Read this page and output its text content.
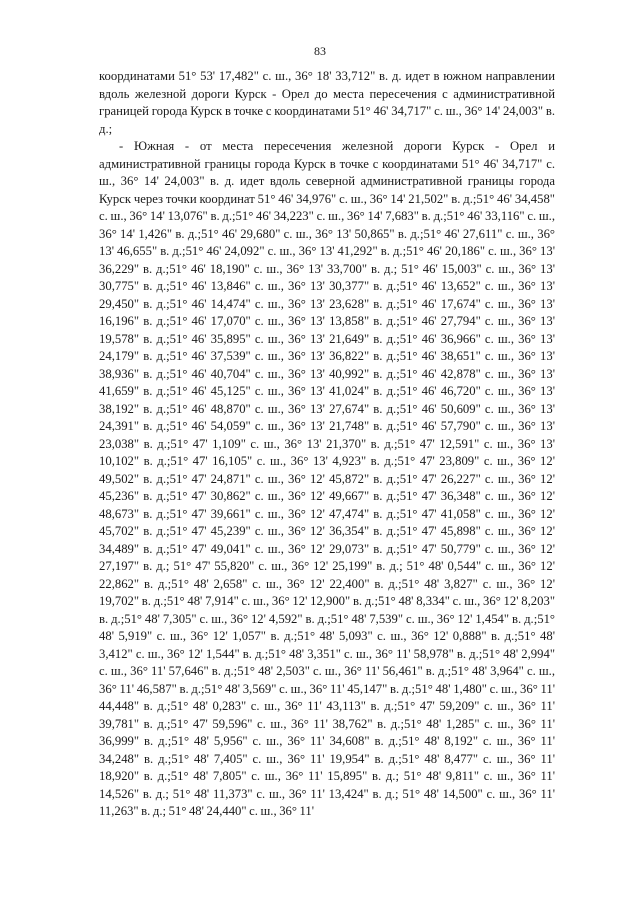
83

координатами 51° 53' 17,482" с. ш., 36° 18' 33,712" в. д. идет в южном направлении вдоль железной дороги Курск - Орел до места пересечения с административной границей города Курск в точке с координатами 51° 46' 34,717" с. ш., 36° 14' 24,003" в. д.;

- Южная - от места пересечения железной дороги Курск - Орел и административной границы города Курск в точке с координатами 51° 46' 34,717" с. ш., 36° 14' 24,003" в. д. идет вдоль северной административной границы города Курск через точки координат 51° 46' 34,976" с. ш., 36° 14' 21,502" в. д.;51° 46' 34,458" с. ш., 36° 14' 13,076" в. д.;51° 46' 34,223" с. ш., 36° 14' 7,683" в. д.;51° 46' 33,116" с. ш., 36° 14' 1,426" в. д.;51° 46' 29,680" с. ш., 36° 13' 50,865" в. д.;51° 46' 27,611" с. ш., 36° 13' 46,655" в. д.;51° 46' 24,092" с. ш., 36° 13' 41,292" в. д.;51° 46' 20,186" с. ш., 36° 13' 36,229" в. д.;51° 46' 18,190" с. ш., 36° 13' 33,700" в. д.; 51° 46' 15,003" с. ш., 36° 13' 30,775" в. д.;51° 46' 13,846" с. ш., 36° 13' 30,377" в. д.;51° 46' 13,652" с. ш., 36° 13' 29,450" в. д.;51° 46' 14,474" с. ш., 36° 13' 23,628" в. д.;51° 46' 17,674" с. ш., 36° 13' 16,196" в. д.;51° 46' 17,070" с. ш., 36° 13' 13,858" в. д.;51° 46' 27,794" с. ш., 36° 13' 19,578" в. д.;51° 46' 35,895" с. ш., 36° 13' 21,649" в. д.;51° 46' 36,966" с. ш., 36° 13' 24,179" в. д.;51° 46' 37,539" с. ш., 36° 13' 36,822" в. д.;51° 46' 38,651" с. ш., 36° 13' 38,936" в. д.;51° 46' 40,704" с. ш., 36° 13' 40,992" в. д.;51° 46' 42,878" с. ш., 36° 13' 41,659" в. д.;51° 46' 45,125" с. ш., 36° 13' 41,024" в. д.;51° 46' 46,720" с. ш., 36° 13' 38,192" в. д.;51° 46' 48,870" с. ш., 36° 13' 27,674" в. д.;51° 46' 50,609" с. ш., 36° 13' 24,391" в. д.;51° 46' 54,059" с. ш., 36° 13' 21,748" в. д.;51° 46' 57,790" с. ш., 36° 13' 23,038" в. д.;51° 47' 1,109" с. ш., 36° 13' 21,370" в. д.;51° 47' 12,591" с. ш., 36° 13' 10,102" в. д.;51° 47' 16,105" с. ш., 36° 13' 4,923" в. д.;51° 47' 23,809" с. ш., 36° 12' 49,502" в. д.;51° 47' 24,871" с. ш., 36° 12' 45,872" в. д.;51° 47' 26,227" с. ш., 36° 12' 45,236" в. д.;51° 47' 30,862" с. ш., 36° 12' 49,667" в. д.;51° 47' 36,348" с. ш., 36° 12' 48,673" в. д.;51° 47' 39,661" с. ш., 36° 12' 47,474" в. д.;51° 47' 41,058" с. ш., 36° 12' 45,702" в. д.;51° 47' 45,239" с. ш., 36° 12' 36,354" в. д.;51° 47' 45,898" с. ш., 36° 12' 34,489" в. д.;51° 47' 49,041" с. ш., 36° 12' 29,073" в. д.;51° 47' 50,779" с. ш., 36° 12' 27,197" в. д.; 51° 47' 55,820" с. ш., 36° 12' 25,199" в. д.; 51° 48' 0,544" с. ш., 36° 12' 22,862" в. д.;51° 48' 2,658" с. ш., 36° 12' 22,400" в. д.;51° 48' 3,827" с. ш., 36° 12' 19,702" в. д.;51° 48' 7,914" с. ш., 36° 12' 12,900" в. д.;51° 48' 8,334" с. ш., 36° 12' 8,203" в. д.;51° 48' 7,305" с. ш., 36° 12' 4,592" в. д.;51° 48' 7,539" с. ш., 36° 12' 1,454" в. д.;51° 48' 5,919" с. ш., 36° 12' 1,057" в. д.;51° 48' 5,093" с. ш., 36° 12' 0,888" в. д.;51° 48' 3,412" с. ш., 36° 12' 1,544" в. д.;51° 48' 3,351" с. ш., 36° 11' 58,978" в. д.;51° 48' 2,994" с. ш., 36° 11' 57,646" в. д.;51° 48' 2,503" с. ш., 36° 11' 56,461" в. д.;51° 48' 3,964" с. ш., 36° 11' 46,587" в. д.;51° 48' 3,569" с. ш., 36° 11' 45,147" в. д.;51° 48' 1,480" с. ш., 36° 11' 44,448" в. д.;51° 48' 0,283" с. ш., 36° 11' 43,113" в. д.;51° 47' 59,209" с. ш., 36° 11' 39,781" в. д.;51° 47' 59,596" с. ш., 36° 11' 38,762" в. д.;51° 48' 1,285" с. ш., 36° 11' 36,999" в. д.;51° 48' 5,956" с. ш., 36° 11' 34,608" в. д.;51° 48' 8,192" с. ш., 36° 11' 34,248" в. д.;51° 48' 7,405" с. ш., 36° 11' 19,954" в. д.;51° 48' 8,477" с. ш., 36° 11' 18,920" в. д.;51° 48' 7,805" с. ш., 36° 11' 15,895" в. д.; 51° 48' 9,811" с. ш., 36° 11' 14,526" в. д.; 51° 48' 11,373" с. ш., 36° 11' 13,424" в. д.; 51° 48' 14,500" с. ш., 36° 11' 11,263" в. д.; 51° 48' 24,440" с. ш., 36° 11'
